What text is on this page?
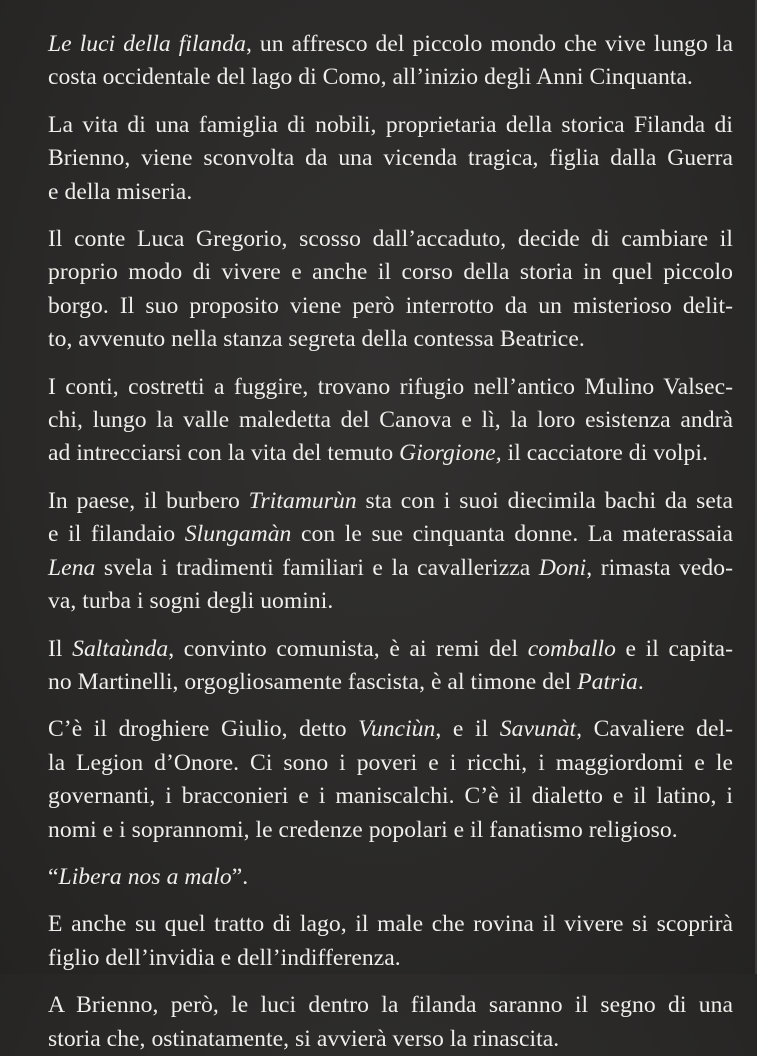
Le luci della filanda, un affresco del piccolo mondo che vive lungo la
costa occidentale del lago di Como, all’inizio degli Anni Cinquanta.

La vita di una famiglia di nobili, proprietaria della storica Filanda di
Brienno, viene sconvolta da una vicenda tragica, figlia dalla Guerra
e della miseria.

Il conte Luca Gregorio, scosso dall’accaduto, decide di cambiare il
proprio modo di vivere e anche il corso della storia in quel piccolo
borgo. Il suo proposito viene però interrotto da un misterioso delit-
to, avvenuto nella stanza segreta della contessa Beatrice.

I conti, costretti a fuggire, trovano rifugio nell’antico Mulino Valsec-
chi, lungo la valle maledetta del Canova e lì, la loro esistenza andrà
ad intrecciarsi con la vita del temuto Giorgione, il cacciatore di volpi.

In paese, il burbero Tritamurùn sta con i suoi diecimila bachi da seta
e il filandaio Slungamàn con le sue cinquanta donne. La materassaia
Lena svela i tradimenti familiari e la cavallerizza Doni, rimasta vedo-
va, turba i sogni degli uomini.

Il Saltaùnda, convinto comunista, è ai remi del comballo e il capita-
no Martinelli, orgogliosamente fascista, è al timone del Patria.

C’è il droghiere Giulio, detto Vunciùn, e il Savunàt, Cavaliere del-
la Legion d’Onore. Ci sono i poveri e i ricchi, i maggiordomi e le
governanti, i bracconieri e i maniscalchi. C’è il dialetto e il latino, i
nomi e i soprannomi, le credenze popolari e il fanatismo religioso.

“Libera nos a malo”.

E anche su quel tratto di lago, il male che rovina il vivere si scoprirà
figlio dell’invidia e dell’indifferenza.

A Brienno, però, le luci dentro la filanda saranno il segno di una
storia che, ostinatamente, si avvierà verso la rinascita.
